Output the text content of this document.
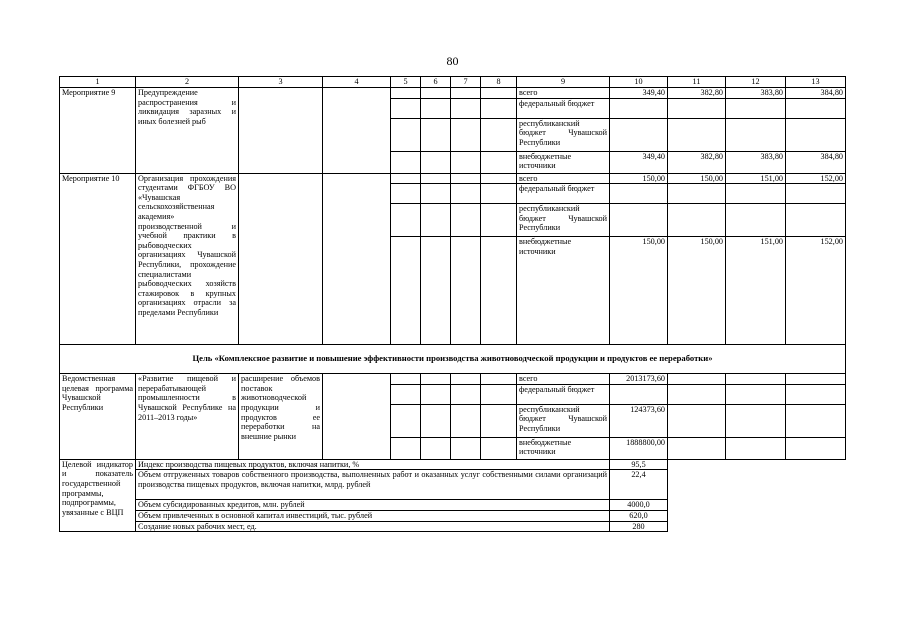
80
1	2	3	4	5	6	7	8	9	10	11	12	13
Мероприятие 9	Предупреждение распространения и ликвидация заразных и иных болезней рыб							всего	349,40	382,80	383,80	384,80
								федеральный бюджет				
								республиканский бюджет Чувашской Республики				
								внебюджетные источники	349,40	382,80	383,80	384,80
Мероприятие 10	Организация прохождения студентами ФГБОУ ВО «Чувашская сельскохозяйственная академия» производственной и учебной практики в рыбоводческих организациях Чувашской Республики, прохождение специалистами рыбоводческих хозяйств стажировок в крупных организациях отрасли за пределами Республики							всего	150,00	150,00	151,00	152,00
								федеральный бюджет				
								республиканский бюджет Чувашской Республики				
								внебюджетные источники	150,00	150,00	151,00	152,00
Цель «Комплексное развитие и повышение эффективности производства животноводческой продукции и продуктов ее переработки»												
Ведомственная целевая программа Чувашской Республики	«Развитие пищевой и перерабатывающей промышленности в Чувашской Республике на 2011–2013 годы»	расширение объемов поставок животноводческой продукции и продуктов ее переработки на внешние рынки						всего	2013173,60			
								федеральный бюджет				
								республиканский бюджет Чувашской Республики	124373,60			
								внебюджетные источники	1888800,00			
Целевой индикатор и показатель государственной программы, подпрограммы, увязанные с ВЦП	Индекс производства пищевых продуктов, включая напитки, %								95,5			
	Объем отгруженных товаров собственного производства, выполненных работ и оказанных услуг собственными силами организаций производства пищевых продуктов, включая напитки, млрд. рублей								22,4			
	Объем субсидированных кредитов, млн. рублей								4000,0			
	Объем привлеченных в основной капитал инвестиций, тыс. рублей								620,0			
	Создание новых рабочих мест, ед.								280			
